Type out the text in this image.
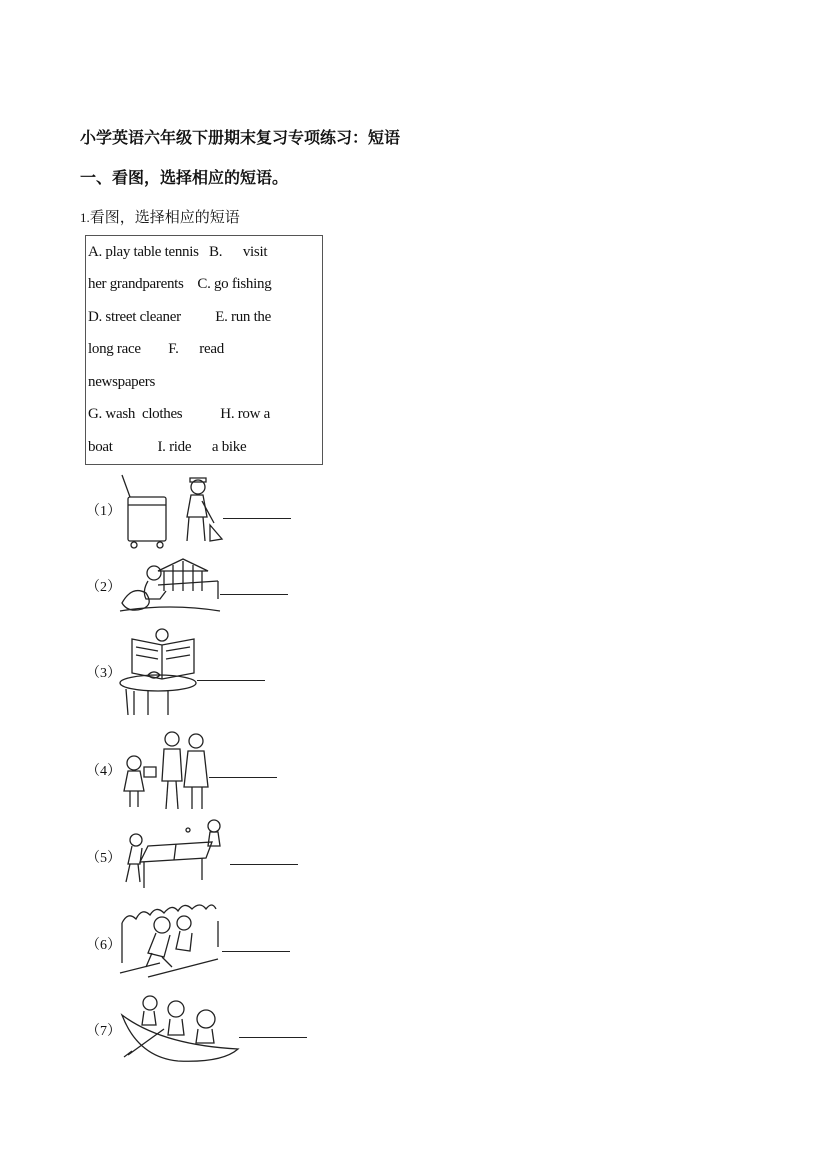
小学英语六年级下册期末复习专项练习：短语
一、看图，选择相应的短语。
1.看图，选择相应的短语
A. play table tennis   B.      visit
her grandparents    C. go fishing
D. street cleaner          E. run the
long race        F.      read
newspapers
G. wash  clothes           H. row a
boat             I. ride      a bike
（1）
（2）
（3）
（4）
（5）
（6）
（7）
